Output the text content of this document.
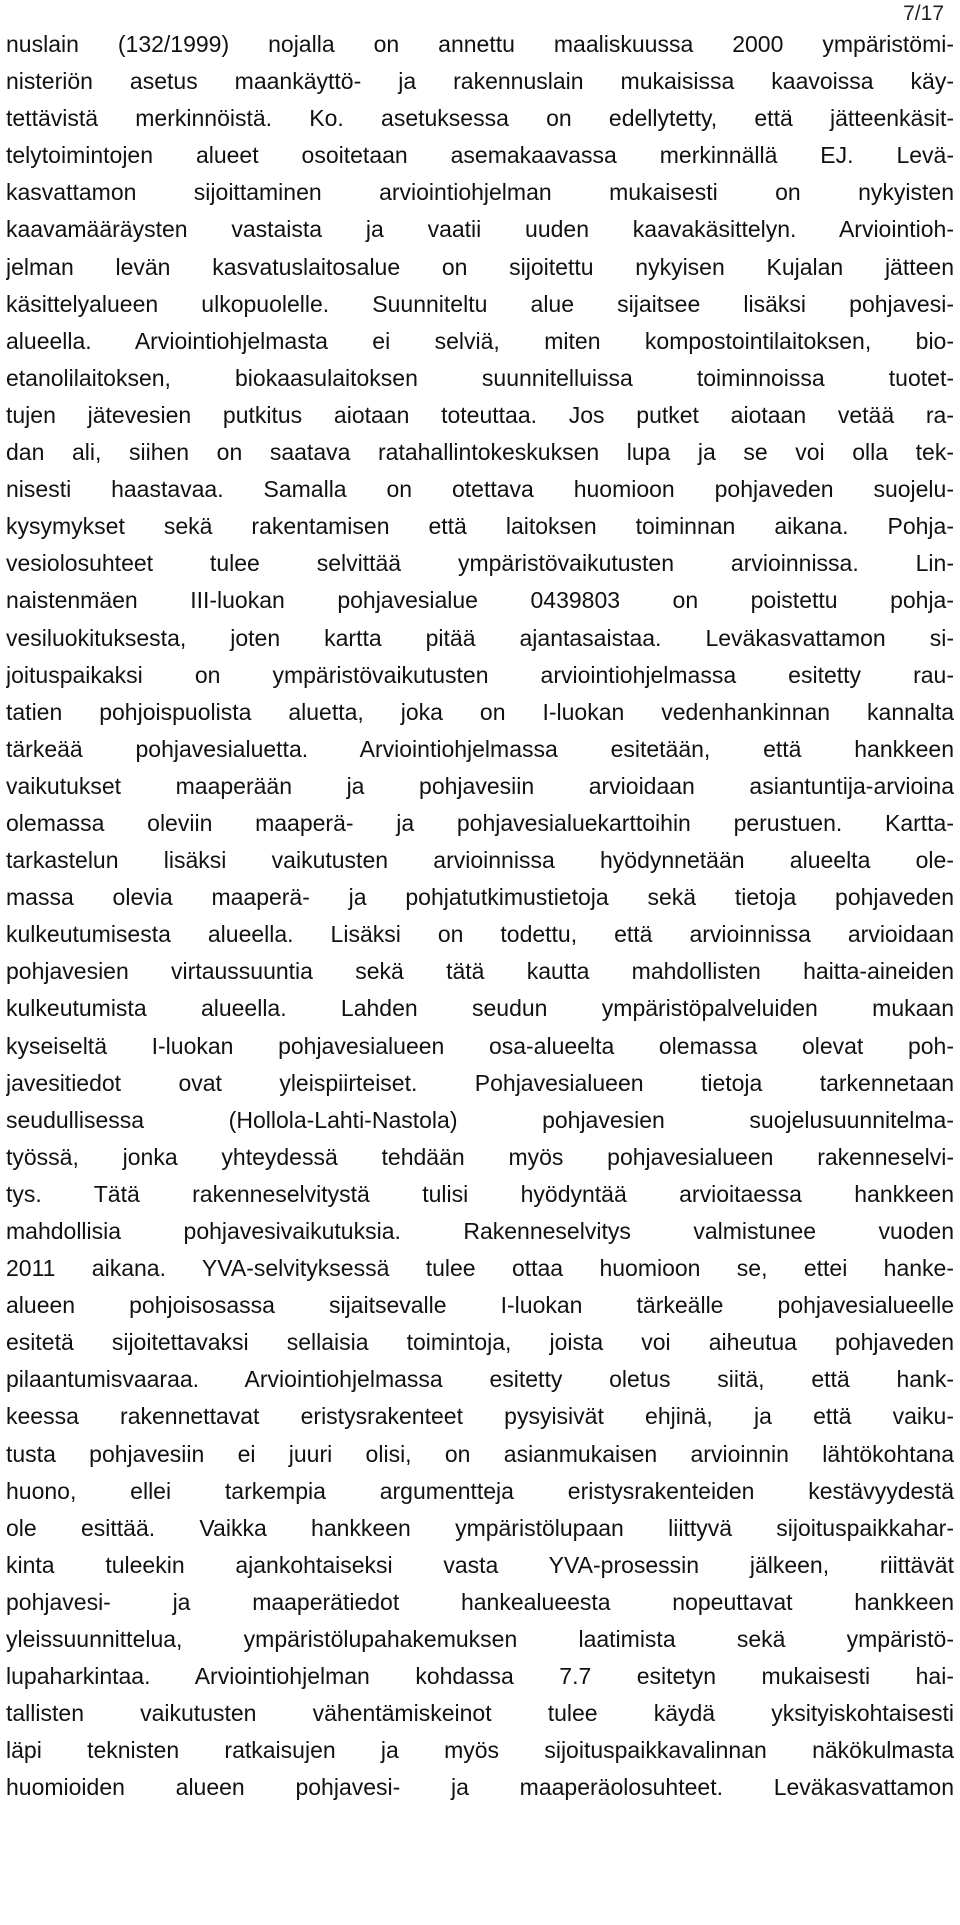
7/17
nuslain (132/1999) nojalla on annettu maaliskuussa 2000 ympäristömi-
nisteriön asetus maankäyttö- ja rakennuslain mukaisissa kaavoissa käy-
tettävistä merkinnöistä. Ko. asetuksessa on edellytetty, että jätteenkäsit-
telytoimintojen alueet osoitetaan asemakaavassa merkinnällä EJ. Levä-
kasvattamon sijoittaminen arviointiohjelman mukaisesti on nykyisten
kaavamääräysten vastaista ja vaatii uuden kaavakäsittelyn. Arviointioh-
jelman levän kasvatuslaitosalue on sijoitettu nykyisen Kujalan jätteen
käsittelyalueen ulkopuolelle. Suunniteltu alue sijaitsee lisäksi pohjavesi-
alueella. Arviointiohjelmasta ei selviä, miten kompostointilaitoksen, bio-
etanolilaitoksen, biokaasulaitoksen suunnitelluissa toiminnoissa tuotet-
tujen jätevesien putkitus aiotaan toteuttaa. Jos putket aiotaan vetää ra-
dan ali, siihen on saatava ratahallintokeskuksen lupa ja se voi olla tek-
nisesti haastavaa. Samalla on otettava huomioon pohjaveden suojelu-
kysymykset sekä rakentamisen että laitoksen toiminnan aikana. Pohja-
vesiolosuhteet tulee selvittää ympäristövaikutusten arvioinnissa. Lin-
naistenmäen III-luokan pohjavesialue 0439803 on poistettu pohja-
vesiluokituksesta, joten kartta pitää ajantasaistaa. Leväkasvattamon si-
joituspaikaksi on ympäristövaikutusten arviointiohjelmassa esitetty rau-
tatien pohjoispuolista aluetta, joka on I-luokan vedenhankinnan kannalta
tärkeää pohjavesialuetta. Arviointiohjelmassa esitetään, että hankkeen
vaikutukset maaperään ja pohjavesiin arvioidaan asiantuntija-arvioina
olemassa oleviin maaperä- ja pohjavesialuekarttoihin perustuen. Kartta-
tarkastelun lisäksi vaikutusten arvioinnissa hyödynnetään alueelta ole-
massa olevia maaperä- ja pohjatutkimustietoja sekä tietoja pohjaveden
kulkeutumisesta alueella. Lisäksi on todettu, että arvioinnissa arvioidaan
pohjavesien virtaussuuntia sekä tätä kautta mahdollisten haitta-aineiden
kulkeutumista alueella. Lahden seudun ympäristöpalveluiden mukaan
kyseiseltä I-luokan pohjavesialueen osa-alueelta olemassa olevat poh-
javesitiedot ovat yleispiirteiset. Pohjavesialueen tietoja tarkennetaan
seudullisessa (Hollola-Lahti-Nastola) pohjavesien suojelusuunnitelma-
työssä, jonka yhteydessä tehdään myös pohjavesialueen rakenneselvi-
tys. Tätä rakenneselvitystä tulisi hyödyntää arvioitaessa hankkeen
mahdollisia pohjavesivaikutuksia. Rakenneselvitys valmistunee vuoden
2011 aikana. YVA-selvityksessä tulee ottaa huomioon se, ettei hanke-
alueen pohjoisosassa sijaitsevalle I-luokan tärkeälle pohjavesialueelle
esitetä sijoitettavaksi sellaisia toimintoja, joista voi aiheutua pohjaveden
pilaantumisvaaraa. Arviointiohjelmassa esitetty oletus siitä, että hank-
keessa rakennettavat eristysrakenteet pysyisivät ehjinä, ja että vaiku-
tusta pohjavesiin ei juuri olisi, on asianmukaisen arvioinnin lähtökohtana
huono, ellei tarkempia argumentteja eristysrakenteiden kestävyydestä
ole esittää. Vaikka hankkeen ympäristölupaan liittyvä sijoituspaikkahar-
kinta tuleekin ajankohtaiseksi vasta YVA-prosessin jälkeen, riittävät
pohjavesi- ja maaperätiedot hankealueesta nopeuttavat hankkeen
yleissuunnittelua, ympäristölupahakemuksen laatimista sekä ympäristö-
lupaharkintaa. Arviointiohjelman kohdassa 7.7 esitetyn mukaisesti hai-
tallisten vaikutusten vähentämiskeinot tulee käydä yksityiskohtaisesti
läpi teknisten ratkaisujen ja myös sijoituspaikkavalinnan näkökulmasta
huomioiden alueen pohjavesi- ja maaperäolosuhteet. Leväkasvattamon
